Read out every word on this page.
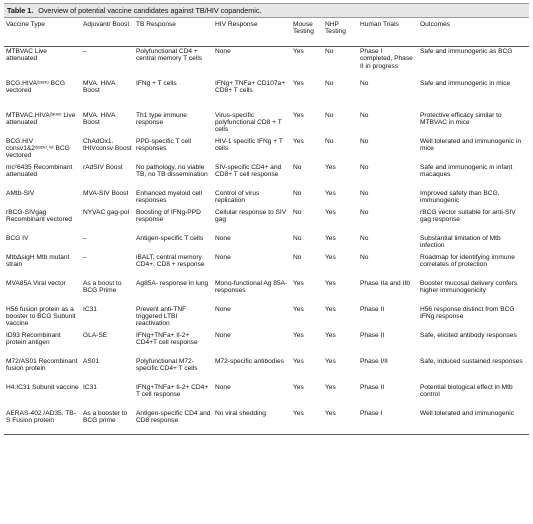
Table 1. Overview of potential vaccine candidates against TB/HIV copandemic.
Vaccine Type	Adjuvant/ Boost	TB Response	HIV Response	Mouse Testing	NHP Testing	Human Trials	Outcomes
MTBVAC Live attenuated	–	Polyfunctional CD4 + central memory T cells	None	Yes	No	Phase I completed, Phase II in progress	Safe and immunogenic as BCG
BCG.HIVA²ᵃᵘˣᵒ BCG vectored	MVA. HIVA Boost	IFNg + T cells	IFNg+ TNFa+ CD107a+ CD8+ T cells	Yes	No	No	Safe and immunogenic in mice
MTBVAC.HIVA²ᵃᵘˣᵒ Live attenuated	MVA. HIVA Boost	Th1 type immune response	Virus-specific polyfunctional CD8 + T cells	Yes	No	No	Protective efficacy similar to MTBVAC in mice
BCG.HIV consv1&2²ᵃᵘˣᵒ.ⁱⁿᵗ BCG vectored	ChAdOx1. tHIVconsv Boost	PPD-specific T cell responses	HIV-1 specific IFNg + T cells	Yes	No	No	Well tolerated and immunogenic in mice
mc²6435 Recombinant attenuated	rAdSIV Boost	No pathology, no viable TB, no TB dissemination	SIV-specific CD4+ and CD8+ T cell response	No	Yes	No	Safe and immunogenic in infant macaques
AMtb-SIV	MVA-SIV Boost	Enhanced myeloid cell responses	Control of virus replication	No	Yes	No	Improved safety than BCG, immunogenic
rBCG-SIVgag Recombinant vectored	NYVAC gag-pol	Boosting of IFNg-PPD response	Cellular response to SIV gag	No	Yes	No	rBCG vector suitable for anti-SIV gag response
BCG IV	–	Antigen-specific T cells	None	No	Yes	No	Substantial limitation of Mtb infection
MtbΔsigH Mtb mutant strain	–	iBALT, central memory CD4+, CD8 + response	None	No	Yes	No	Roadmap for identifying immune correlates of protection
MVA85A Viral vector	As a boost to BCG Prime	Ag85A- response in lung	Mono-functional Ag 85A-responses	Yes	Yes	Phase IIa and IIb	Booster mucosal delivery confers higher immunogenicity
H56 fusion protein as a booster to BCG Subunit vaccine	IC31	Prevent anti-TNF triggered LTBI reactivation	None	Yes	Yes	Phase II	H56 response distinct from BCG IFNg response
ID93 Recombinant protein antigen	GLA-SE	IFNg+TNFa+ Il-2+ CD4+T cell response	None	Yes	Yes	Phase II	Safe, elicited antibody responses
M72/AS01 Recombinant fusion protein	AS01	Polyfunctional M72-specific CD4+ T cells	M72-specific antibodies	Yes	Yes	Phase I/II	Safe, induced sustained responses
H4:IC31 Subunit vaccine	IC31	IFNg+TNFa+ Il-2+ CD4+ T cell response	None	Yes	Yes	Phase II	Potential biological effect in Mtb control
AERAS-402 /AD35. TB-S Fusion protein	As a booster to BCG prime	Antigen-specific CD4 and CD8 response	No viral shedding	Yes	Yes	Phase I	Well tolerated and immunogenic
